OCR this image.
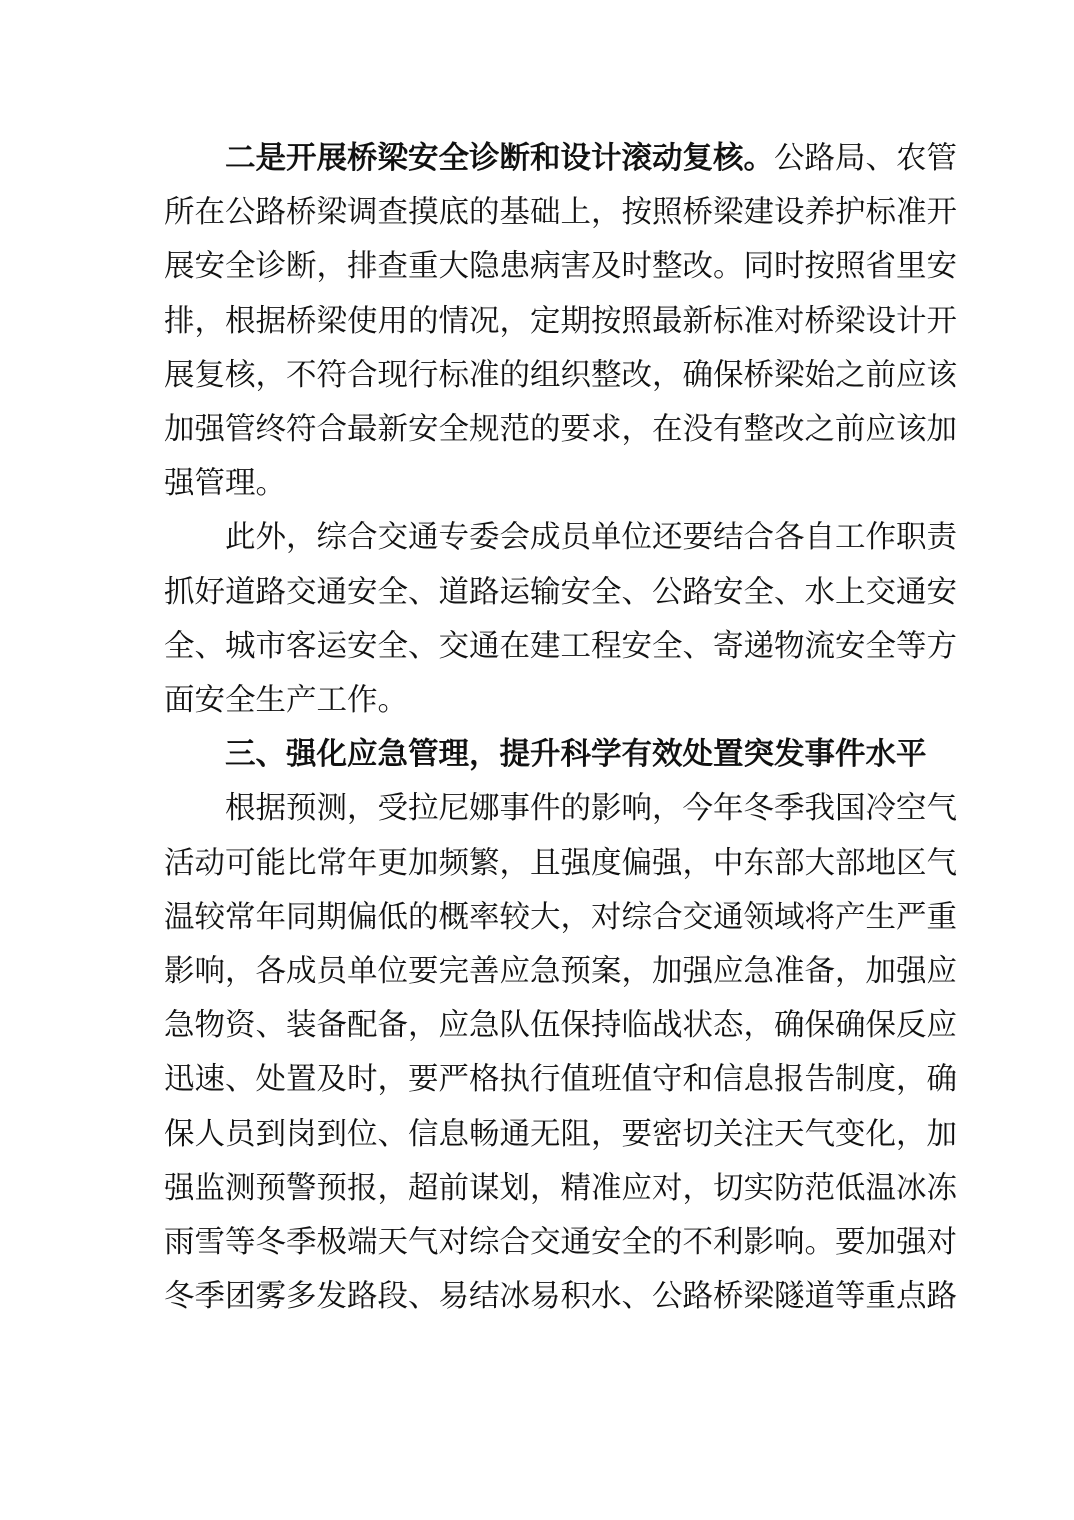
二是开展桥梁安全诊断和设计滚动复核。公路局、农管
所在公路桥梁调查摸底的基础上，按照桥梁建设养护标准开
展安全诊断，排查重大隐患病害及时整改。同时按照省里安
排，根据桥梁使用的情况，定期按照最新标准对桥梁设计开
展复核，不符合现行标准的组织整改，确保桥梁始之前应该
加强管终符合最新安全规范的要求，在没有整改之前应该加
强管理。
此外，综合交通专委会成员单位还要结合各自工作职责
抓好道路交通安全、道路运输安全、公路安全、水上交通安
全、城市客运安全、交通在建工程安全、寄递物流安全等方
面安全生产工作。
三、强化应急管理，提升科学有效处置突发事件水平
根据预测，受拉尼娜事件的影响，今年冬季我国冷空气
活动可能比常年更加频繁，且强度偏强，中东部大部地区气
温较常年同期偏低的概率较大，对综合交通领域将产生严重
影响，各成员单位要完善应急预案，加强应急准备，加强应
急物资、装备配备，应急队伍保持临战状态，确保确保反应
迅速、处置及时，要严格执行值班值守和信息报告制度，确
保人员到岗到位、信息畅通无阻，要密切关注天气变化，加
强监测预警预报，超前谋划，精准应对，切实防范低温冰冻
雨雪等冬季极端天气对综合交通安全的不利影响。要加强对
冬季团雾多发路段、易结冰易积水、公路桥梁隧道等重点路
